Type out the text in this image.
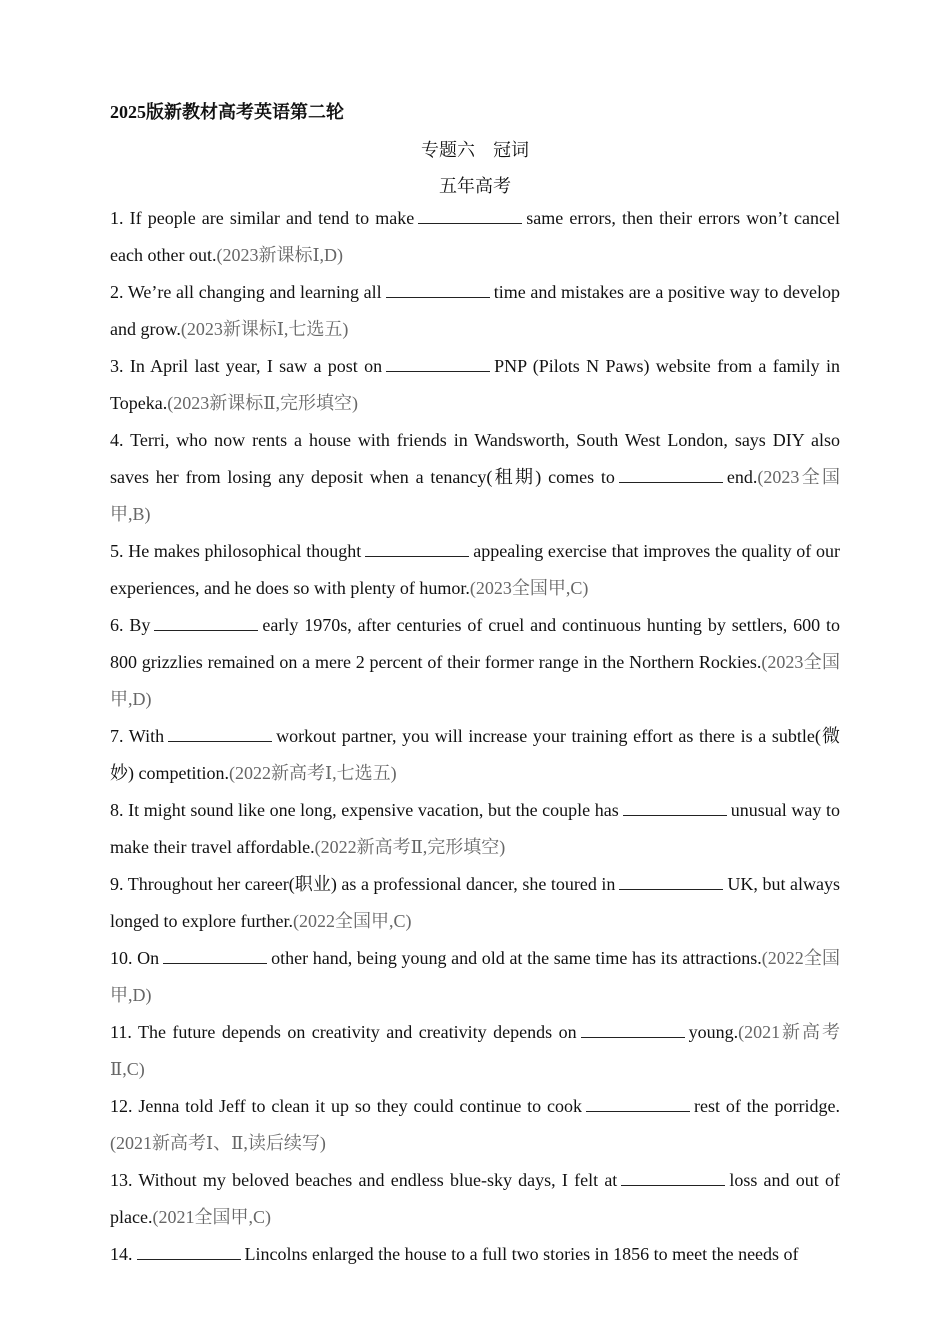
2025版新教材高考英语第二轮
专题六　冠词
五年高考

1. If people are similar and tend to make	same errors, then their errors won’t cancel each other out.(2023新课标Ⅰ,D)

2. We’re all changing and learning all	time and mistakes are a positive way to develop and grow.(2023新课标Ⅰ,七选五)

3. In April last year, I saw a post on	PNP (Pilots N Paws) website from a family in Topeka.(2023新课标Ⅱ,完形填空)

4. Terri, who now rents a house with friends in Wandsworth, South West London, says DIY also saves her from losing any deposit when a tenancy(租期) comes to	end.(2023全国甲,B)

5. He makes philosophical thought	appealing exercise that improves the quality of our experiences, and he does so with plenty of humor.(2023全国甲,C)

6. By	early 1970s, after centuries of cruel and continuous hunting by settlers, 600 to 800 grizzlies remained on a mere 2 percent of their former range in the Northern Rockies.(2023全国甲,D)

7. With	workout partner, you will increase your training effort as there is a subtle(微妙) competition.(2022新高考Ⅰ,七选五)

8. It might sound like one long, expensive vacation, but the couple has	unusual way to make their travel affordable.(2022新高考Ⅱ,完形填空)

9. Throughout her career(职业) as a professional dancer, she toured in	UK, but always longed to explore further.(2022全国甲,C)

10. On	other hand, being young and old at the same time has its attractions.(2022全国甲,D)

11. The future depends on creativity and creativity depends on	young.(2021新高考Ⅱ,C)

12. Jenna told Jeff to clean it up so they could continue to cook	rest of the porridge.(2021新高考Ⅰ、Ⅱ,读后续写)

13. Without my beloved beaches and endless blue-sky days, I felt at	loss and out of place.(2021全国甲,C)

14.	Lincolns enlarged the house to a full two stories in 1856 to meet the needs of
